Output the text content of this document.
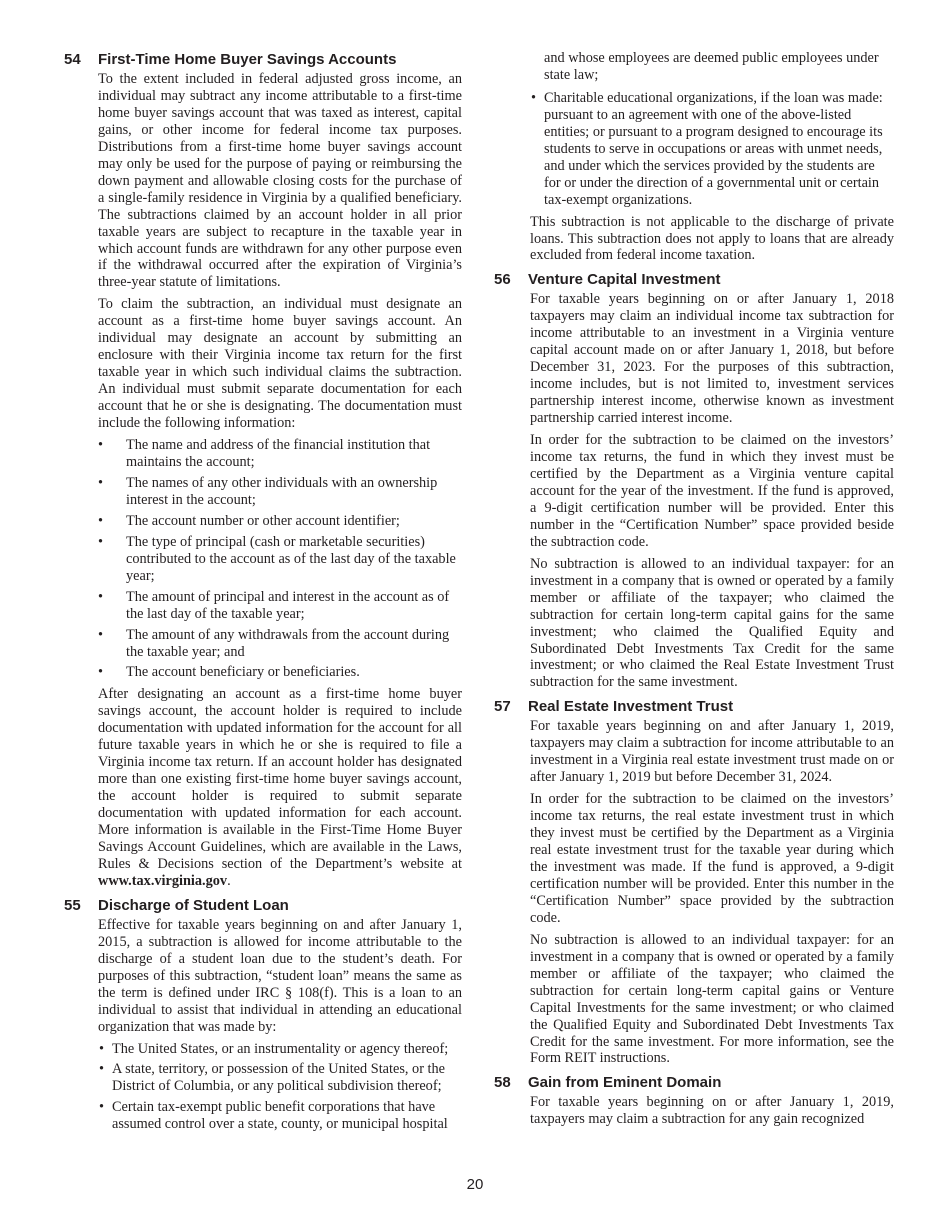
54	First-Time Home Buyer Savings Accounts

To the extent included in federal adjusted gross income, an individual may subtract any income attributable to a first-time home buyer savings account that was taxed as interest, capital gains, or other income for federal income tax purposes. Distributions from a first-time home buyer savings account may only be used for the purpose of paying or reimbursing the down payment and allowable closing costs for the purchase of a single-family residence in Virginia by a qualified beneficiary. The subtractions claimed by an account holder in all prior taxable years are subject to recapture in the taxable year in which account funds are withdrawn for any other purpose even if the withdrawal occurred after the expiration of Virginia’s three-year statute of limitations.

To claim the subtraction, an individual must designate an account as a first-time home buyer savings account. An individual may designate an account by submitting an enclosure with their Virginia income tax return for the first taxable year in which such individual claims the subtraction. An individual must submit separate documentation for each account that he or she is designating. The documentation must include the following information:

• The name and address of the financial institution that maintains the account;
• The names of any other individuals with an ownership interest in the account;
• The account number or other account identifier;
• The type of principal (cash or marketable securities) contributed to the account as of the last day of the taxable year;
• The amount of principal and interest in the account as of the last day of the taxable year;
• The amount of any withdrawals from the account during the taxable year; and
• The account beneficiary or beneficiaries.

After designating an account as a first-time home buyer savings account, the account holder is required to include documentation with updated information for the account for all future taxable years in which he or she is required to file a Virginia income tax return. If an account holder has designated more than one existing first-time home buyer savings account, the account holder is required to submit separate documentation with updated information for each account. More information is available in the First-Time Home Buyer Savings Account Guidelines, which are available in the Laws, Rules & Decisions section of the Department’s website at www.tax.virginia.gov.

55	Discharge of Student Loan

Effective for taxable years beginning on and after January 1, 2015, a subtraction is allowed for income attributable to the discharge of a student loan due to the student’s death. For purposes of this subtraction, “student loan” means the same as the term is defined under IRC § 108(f). This is a loan to an individual to assist that individual in attending an educational organization that was made by:

• The United States, or an instrumentality or agency thereof;
• A state, territory, or possession of the United States, or the District of Columbia, or any political subdivision thereof;
• Certain tax-exempt public benefit corporations that have assumed control over a state, county, or municipal hospital

and whose employees are deemed public employees under state law;

• Charitable educational organizations, if the loan was made: pursuant to an agreement with one of the above-listed entities; or pursuant to a program designed to encourage its students to serve in occupations or areas with unmet needs, and under which the services provided by the students are for or under the direction of a governmental unit or certain tax-exempt organizations.

This subtraction is not applicable to the discharge of private loans. This subtraction does not apply to loans that are already excluded from federal income taxation.

56	Venture Capital Investment

For taxable years beginning on or after January 1, 2018 taxpayers may claim an individual income tax subtraction for income attributable to an investment in a Virginia venture capital account made on or after January 1, 2018, but before December 31, 2023. For the purposes of this subtraction, income includes, but is not limited to, investment services partnership interest income, otherwise known as investment partnership carried interest income.

In order for the subtraction to be claimed on the investors’ income tax returns, the fund in which they invest must be certified by the Department as a Virginia venture capital account for the year of the investment. If the fund is approved, a 9-digit certification number will be provided. Enter this number in the “Certification Number” space provided beside the subtraction code.

No subtraction is allowed to an individual taxpayer: for an investment in a company that is owned or operated by a family member or affiliate of the taxpayer; who claimed the subtraction for certain long-term capital gains for the same investment; who claimed the Qualified Equity and Subordinated Debt Investments Tax Credit for the same investment; or who claimed the Real Estate Investment Trust subtraction for the same investment.

57	Real Estate Investment Trust

For taxable years beginning on and after January 1, 2019, taxpayers may claim a subtraction for income attributable to an investment in a Virginia real estate investment trust made on or after January 1, 2019 but before December 31, 2024.

In order for the subtraction to be claimed on the investors’ income tax returns, the real estate investment trust in which they invest must be certified by the Department as a Virginia real estate investment trust for the taxable year during which the investment was made. If the fund is approved, a 9-digit certification number will be provided. Enter this number in the “Certification Number” space provided by the subtraction code.

No subtraction is allowed to an individual taxpayer: for an investment in a company that is owned or operated by a family member or affiliate of the taxpayer; who claimed the subtraction for certain long-term capital gains or Venture Capital Investments for the same investment; or who claimed the Qualified Equity and Subordinated Debt Investments Tax Credit for the same investment. For more information, see the Form REIT instructions.

58	Gain from Eminent Domain

For taxable years beginning on or after January 1, 2019, taxpayers may claim a subtraction for any gain recognized

20
